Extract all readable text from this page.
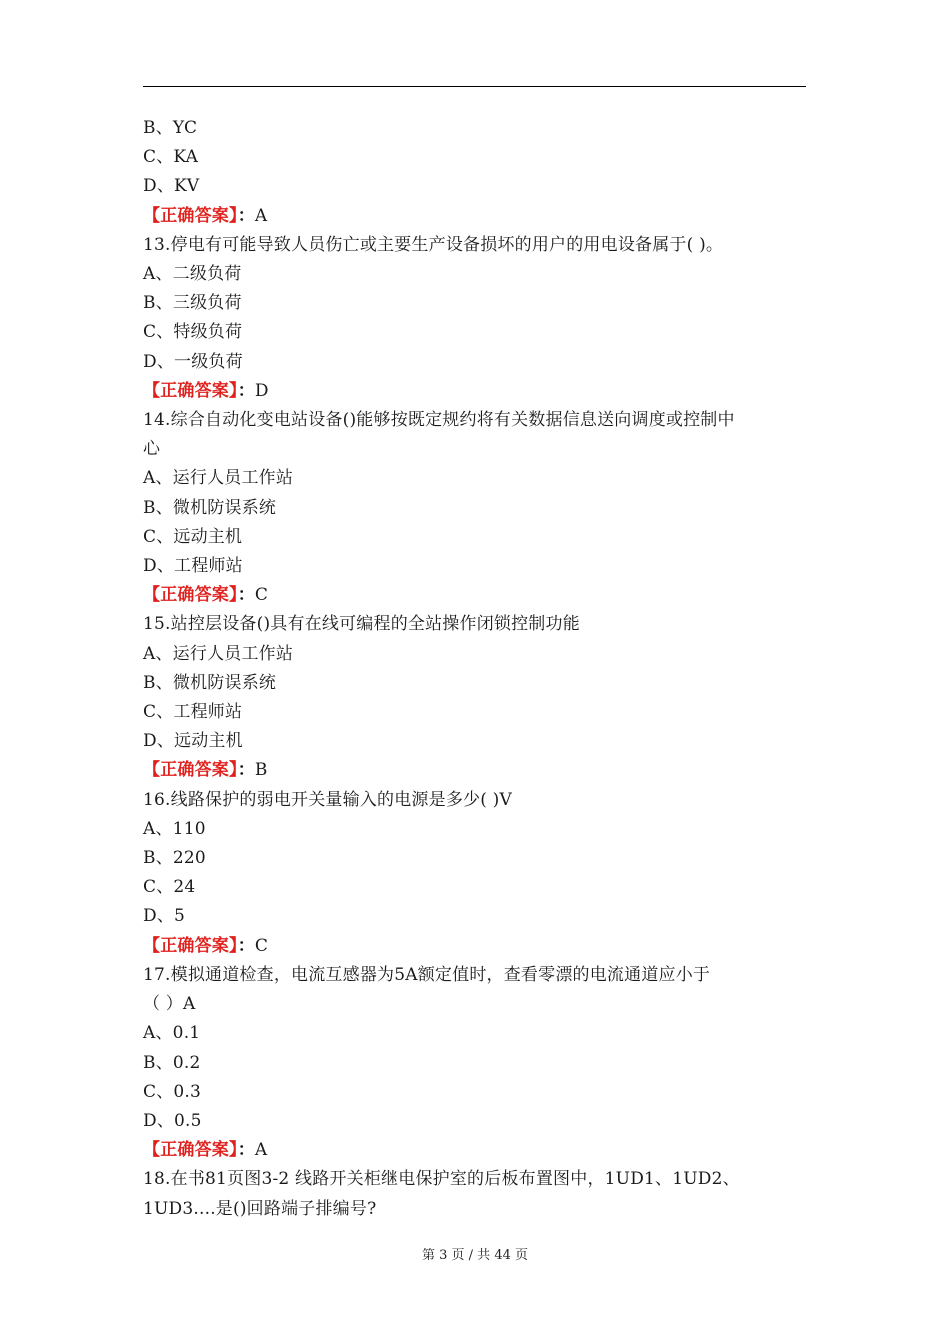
B、YC
C、KA
D、KV
【正确答案】：A
13.停电有可能导致人员伤亡或主要生产设备损坏的用户的用电设备属于( )。
A、二级负荷
B、三级负荷
C、特级负荷
D、一级负荷
【正确答案】：D
14.综合自动化变电站设备()能够按既定规约将有关数据信息送向调度或控制中
心
A、运行人员工作站
B、微机防误系统
C、远动主机
D、工程师站
【正确答案】：C
15.站控层设备()具有在线可编程的全站操作闭锁控制功能
A、运行人员工作站
B、微机防误系统
C、工程师站
D、远动主机
【正确答案】：B
16.线路保护的弱电开关量输入的电源是多少( )V
A、110
B、220
C、24
D、5
【正确答案】：C
17.模拟通道检查，电流互感器为5A额定值时，查看零漂的电流通道应小于
（ ）A
A、0.1
B、0.2
C、0.3
D、0.5
【正确答案】：A
18.在书81页图3-2 线路开关柜继电保护室的后板布置图中，1UD1、1UD2、
1UD3....是()回路端子排编号?
第 3 页 / 共 44 页
